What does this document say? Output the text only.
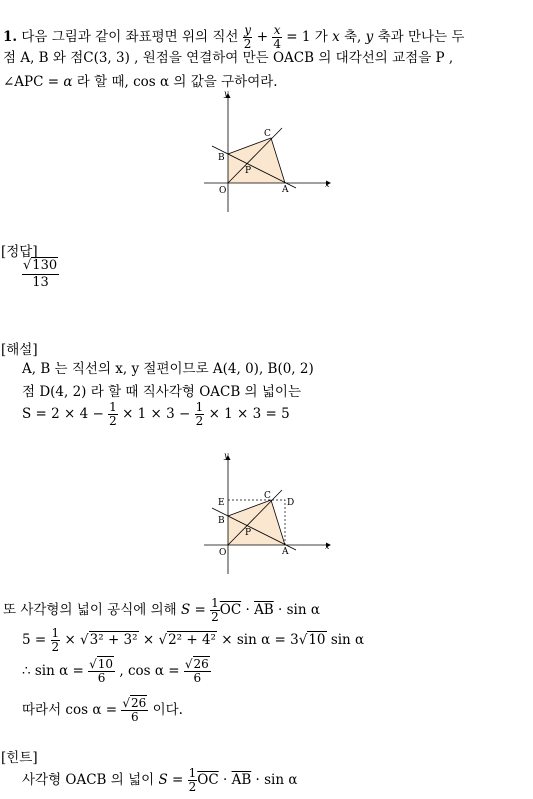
1. 다음 그림과 같이 좌표평면 위의 직선 $\frac{y}{2} + \frac{x}{4} = 1$ 가 x 축, y 축과 만나는 두
점 A, B 와 점C(3, 3) , 원점을 연결하여 만든 OACB 의 대각선의 교점을 P ,
∠APC = α 라 할 때, cos α 의 값을 구하여라.
y
x
C
B
P
O	A
[정답]
$\frac{√130}{13}$
[해설]
A, B 는 직선의 x, y 절편이므로 A(4, 0), B(0, 2)
점 D(4, 2) 라 할 때 직사각형 OACB 의 넓이는
$S = 2 \times 4 - \frac{1}{2} \times 1 \times 3 - \frac{1}{2} \times 1 \times 3 = 5$
y
x
C
D
E
B
P
O	A
또 사각형의 넓이 공식에 의해 $S = \frac{1}{2} \overline{OC} \cdot \overline{AB} \cdot \sin \alpha$
$5 = \frac{1}{2} \times √3^2 + 3^2 \times √2^2 + 4^2 \times \sin \alpha = 3√10$ sin α
∴ $\sin \alpha = \frac{√10}{6}$ , $\cos \alpha = \frac{√26}{6}$
따라서 $\cos \alpha = \frac{√26}{6}$ 이다.
[힌트]
사각형 OACB 의 넓이 $S = \frac{1}{2} \overline{OC} \cdot \overline{AB} \cdot \sin \alpha$
